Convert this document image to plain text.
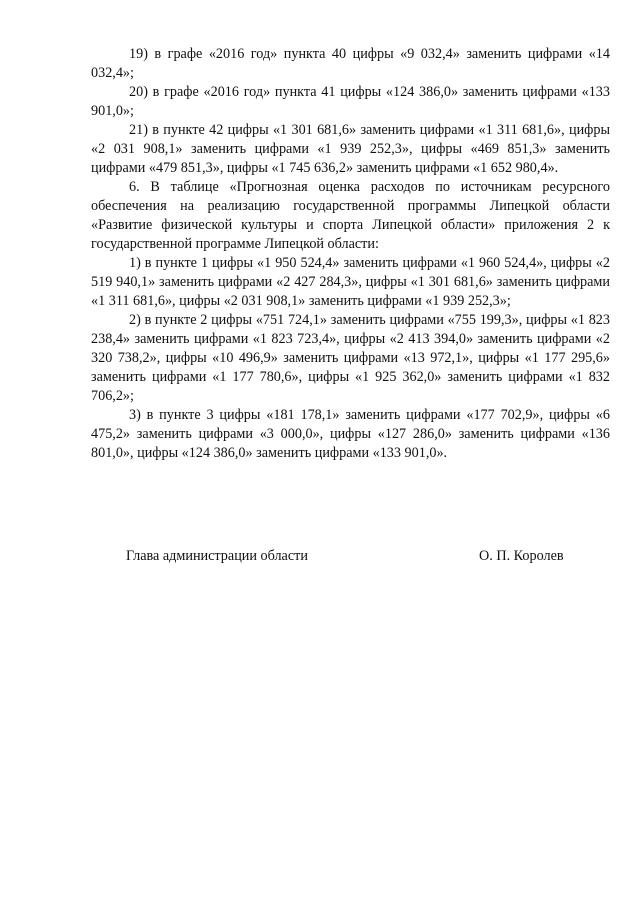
19) в графе «2016 год» пункта 40 цифры «9 032,4» заменить цифрами «14 032,4»;

20) в графе «2016 год» пункта 41 цифры «124 386,0» заменить цифрами «133 901,0»;

21) в пункте 42 цифры «1 301 681,6» заменить цифрами «1 311 681,6», цифры «2 031 908,1» заменить цифрами «1 939 252,3», цифры «469 851,3» заменить цифрами «479 851,3», цифры «1 745 636,2» заменить цифрами «1 652 980,4».

6. В таблице «Прогнозная оценка расходов по источникам ресурсного обеспечения на реализацию государственной программы Липецкой области «Развитие физической культуры и спорта Липецкой области» приложения 2 к государственной программе Липецкой области:

1) в пункте 1 цифры «1 950 524,4» заменить цифрами «1 960 524,4», цифры «2 519 940,1» заменить цифрами «2 427 284,3», цифры «1 301 681,6» заменить цифрами «1 311 681,6», цифры «2 031 908,1» заменить цифрами «1 939 252,3»;

2) в пункте 2 цифры «751 724,1» заменить цифрами «755 199,3», цифры «1 823 238,4» заменить цифрами «1 823 723,4», цифры «2 413 394,0» заменить цифрами «2 320 738,2», цифры «10 496,9» заменить цифрами «13 972,1», цифры «1 177 295,6» заменить цифрами «1 177 780,6», цифры «1 925 362,0» заменить цифрами «1 832 706,2»;

3) в пункте 3 цифры «181 178,1» заменить цифрами «177 702,9», цифры «6 475,2» заменить цифрами «3 000,0», цифры «127 286,0» заменить цифрами «136 801,0», цифры «124 386,0» заменить цифрами «133 901,0».

Глава администрации области	О. П. Королев
